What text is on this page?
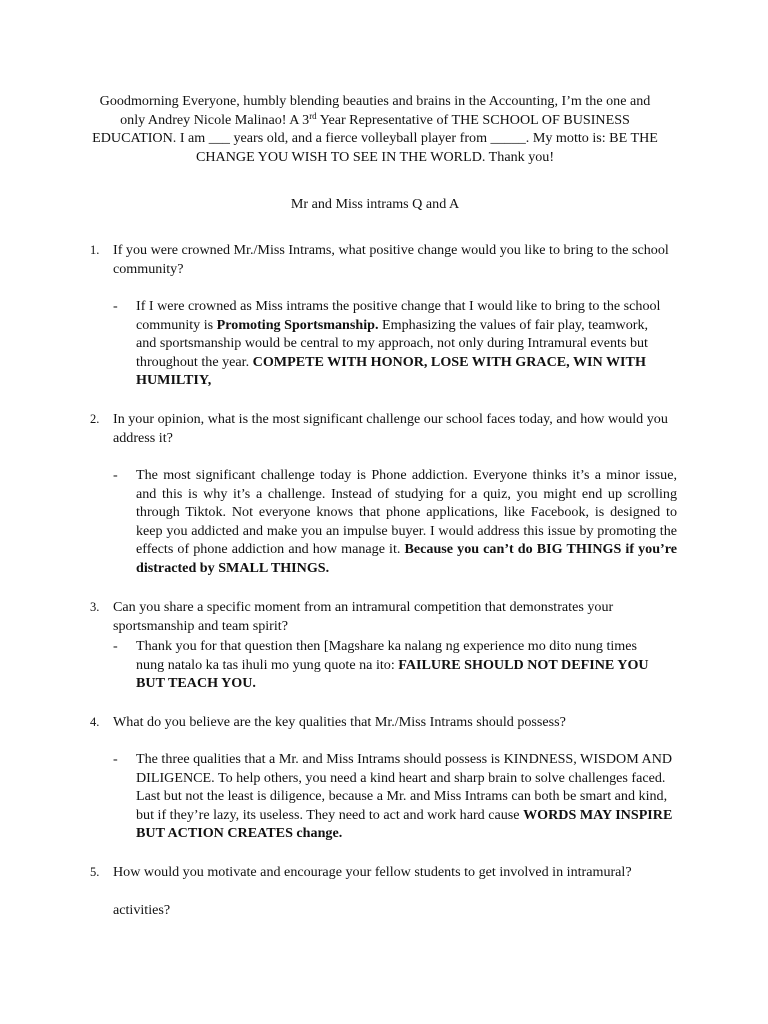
Goodmorning Everyone, humbly blending beauties and brains in the Accounting, I’m the one and only Andrey Nicole Malinao! A 3rd Year Representative of THE SCHOOL OF BUSINESS EDUCATION. I am ___ years old, and a fierce volleyball player from _____. My motto is: BE THE CHANGE YOU WISH TO SEE IN THE WORLD. Thank you!
Mr and Miss intrams Q and A
1. If you were crowned Mr./Miss Intrams, what positive change would you like to bring to the school community?
-	If I were crowned as Miss intrams the positive change that I would like to bring to the school community is Promoting Sportsmanship. Emphasizing the values of fair play, teamwork, and sportsmanship would be central to my approach, not only during Intramural events but throughout the year. COMPETE WITH HONOR, LOSE WITH GRACE, WIN WITH HUMILTIY,
2. In your opinion, what is the most significant challenge our school faces today, and how would you address it?
-	The most significant challenge today is Phone addiction. Everyone thinks it’s a minor issue, and this is why it’s a challenge. Instead of studying for a quiz, you might end up scrolling through Tiktok. Not everyone knows that phone applications, like Facebook, is designed to keep you addicted and make you an impulse buyer. I would address this issue by promoting the effects of phone addiction and how manage it. Because you can’t do BIG THINGS if you’re distracted by SMALL THINGS.
3. Can you share a specific moment from an intramural competition that demonstrates your sportsmanship and team spirit?
-	Thank you for that question then [Magshare ka nalang ng experience mo dito nung times nung natalo ka tas ihuli mo yung quote na ito: FAILURE SHOULD NOT DEFINE YOU BUT TEACH YOU.
4. What do you believe are the key qualities that Mr./Miss Intrams should possess?
-	The three qualities that a Mr. and Miss Intrams should possess is KINDNESS, WISDOM AND DILIGENCE. To help others, you need a kind heart and sharp brain to solve challenges faced. Last but not the least is diligence, because a Mr. and Miss Intrams can both be smart and kind, but if they’re lazy, its useless. They need to act and work hard cause WORDS MAY INSPIRE BUT ACTION CREATES change.
5. How would you motivate and encourage your fellow students to get involved in intramural?
activities?
